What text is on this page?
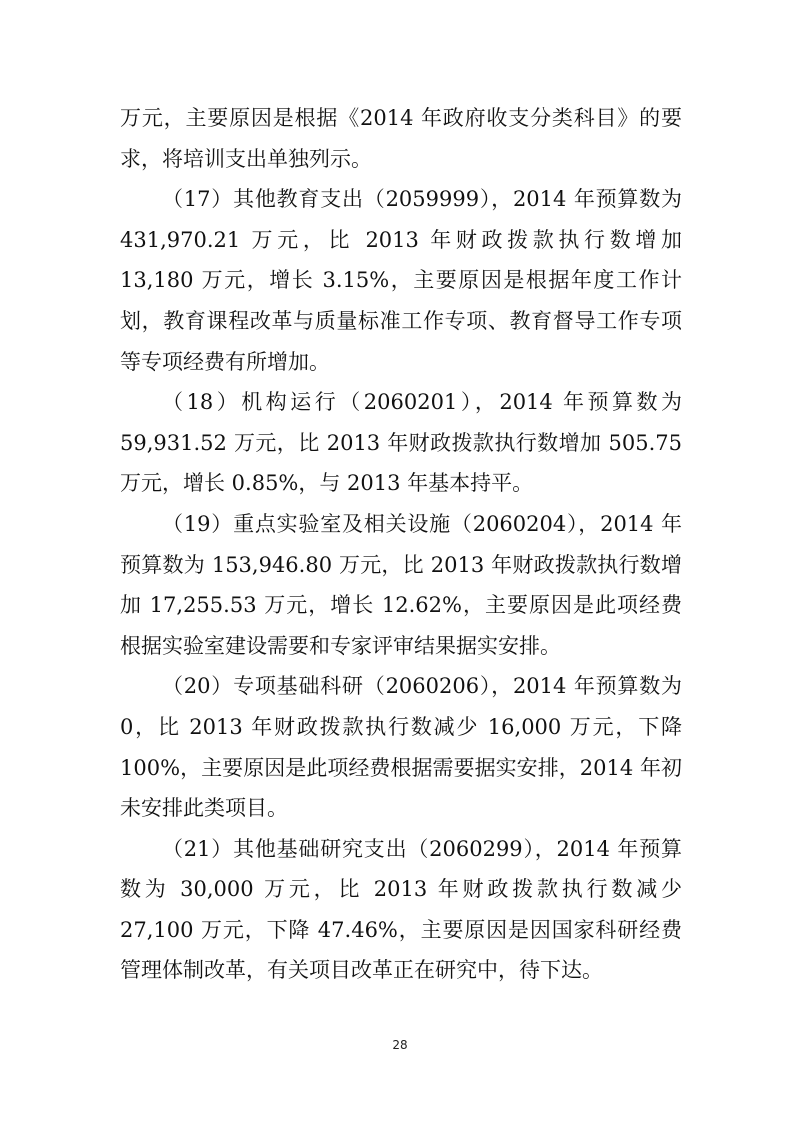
万元，主要原因是根据《2014 年政府收支分类科目》的要求，将培训支出单独列示。

（17）其他教育支出（2059999），2014 年预算数为 431,970.21 万元，比 2013 年财政拨款执行数增加 13,180 万元，增长 3.15%，主要原因是根据年度工作计划，教育课程改革与质量标准工作专项、教育督导工作专项等专项经费有所增加。

（18）机构运行（2060201），2014 年预算数为 59,931.52 万元，比 2013 年财政拨款执行数增加 505.75 万元，增长 0.85%，与 2013 年基本持平。

（19）重点实验室及相关设施（2060204），2014 年预算数为 153,946.80 万元，比 2013 年财政拨款执行数增加 17,255.53 万元，增长 12.62%，主要原因是此项经费根据实验室建设需要和专家评审结果据实安排。

（20）专项基础科研（2060206），2014 年预算数为 0，比 2013 年财政拨款执行数减少 16,000 万元，下降 100%，主要原因是此项经费根据需要据实安排，2014 年初未安排此类项目。

（21）其他基础研究支出（2060299），2014 年预算数为 30,000 万元，比 2013 年财政拨款执行数减少 27,100 万元，下降 47.46%，主要原因是因国家科研经费管理体制改革，有关项目改革正在研究中，待下达。

28
